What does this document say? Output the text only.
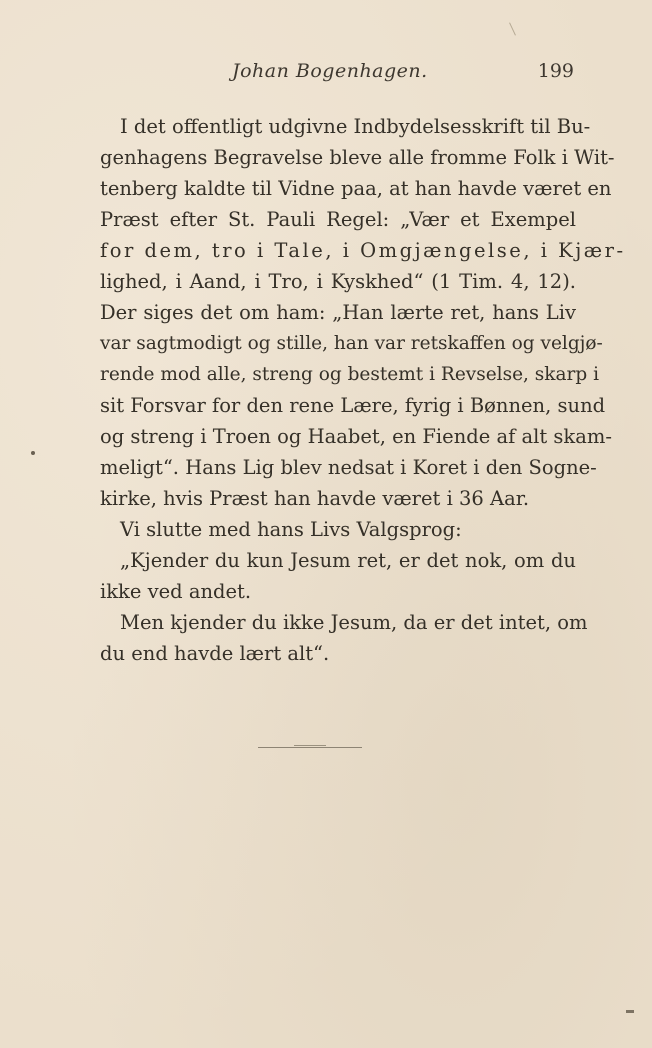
Johan Bogenhagen.	199
I det offentligt udgivne Indbydelsesskrift til Bu-
genhagens Begravelse bleve alle fromme Folk i Wit-
tenberg kaldte til Vidne paa, at han havde været en
Præst efter St. Pauli Regel: „Vær et Exempel
for dem, tro i Tale, i Omgjængelse, i Kjær-
lighed, i Aand, i Tro, i Kyskhed“ (1 Tim. 4, 12).
Der siges det om ham: „Han lærte ret, hans Liv
var sagtmodigt og stille, han var retskaffen og velgjø-
rende mod alle, streng og bestemt i Revselse, skarp i
sit Forsvar for den rene Lære, fyrig i Bønnen, sund
og streng i Troen og Haabet, en Fiende af alt skam-
meligt“. Hans Lig blev nedsat i Koret i den Sogne-
kirke, hvis Præst han havde været i 36 Aar.
Vi slutte med hans Livs Valgsprog:
„Kjender du kun Jesum ret, er det nok, om du
ikke ved andet.
Men kjender du ikke Jesum, da er det intet, om
du end havde lært alt“.
